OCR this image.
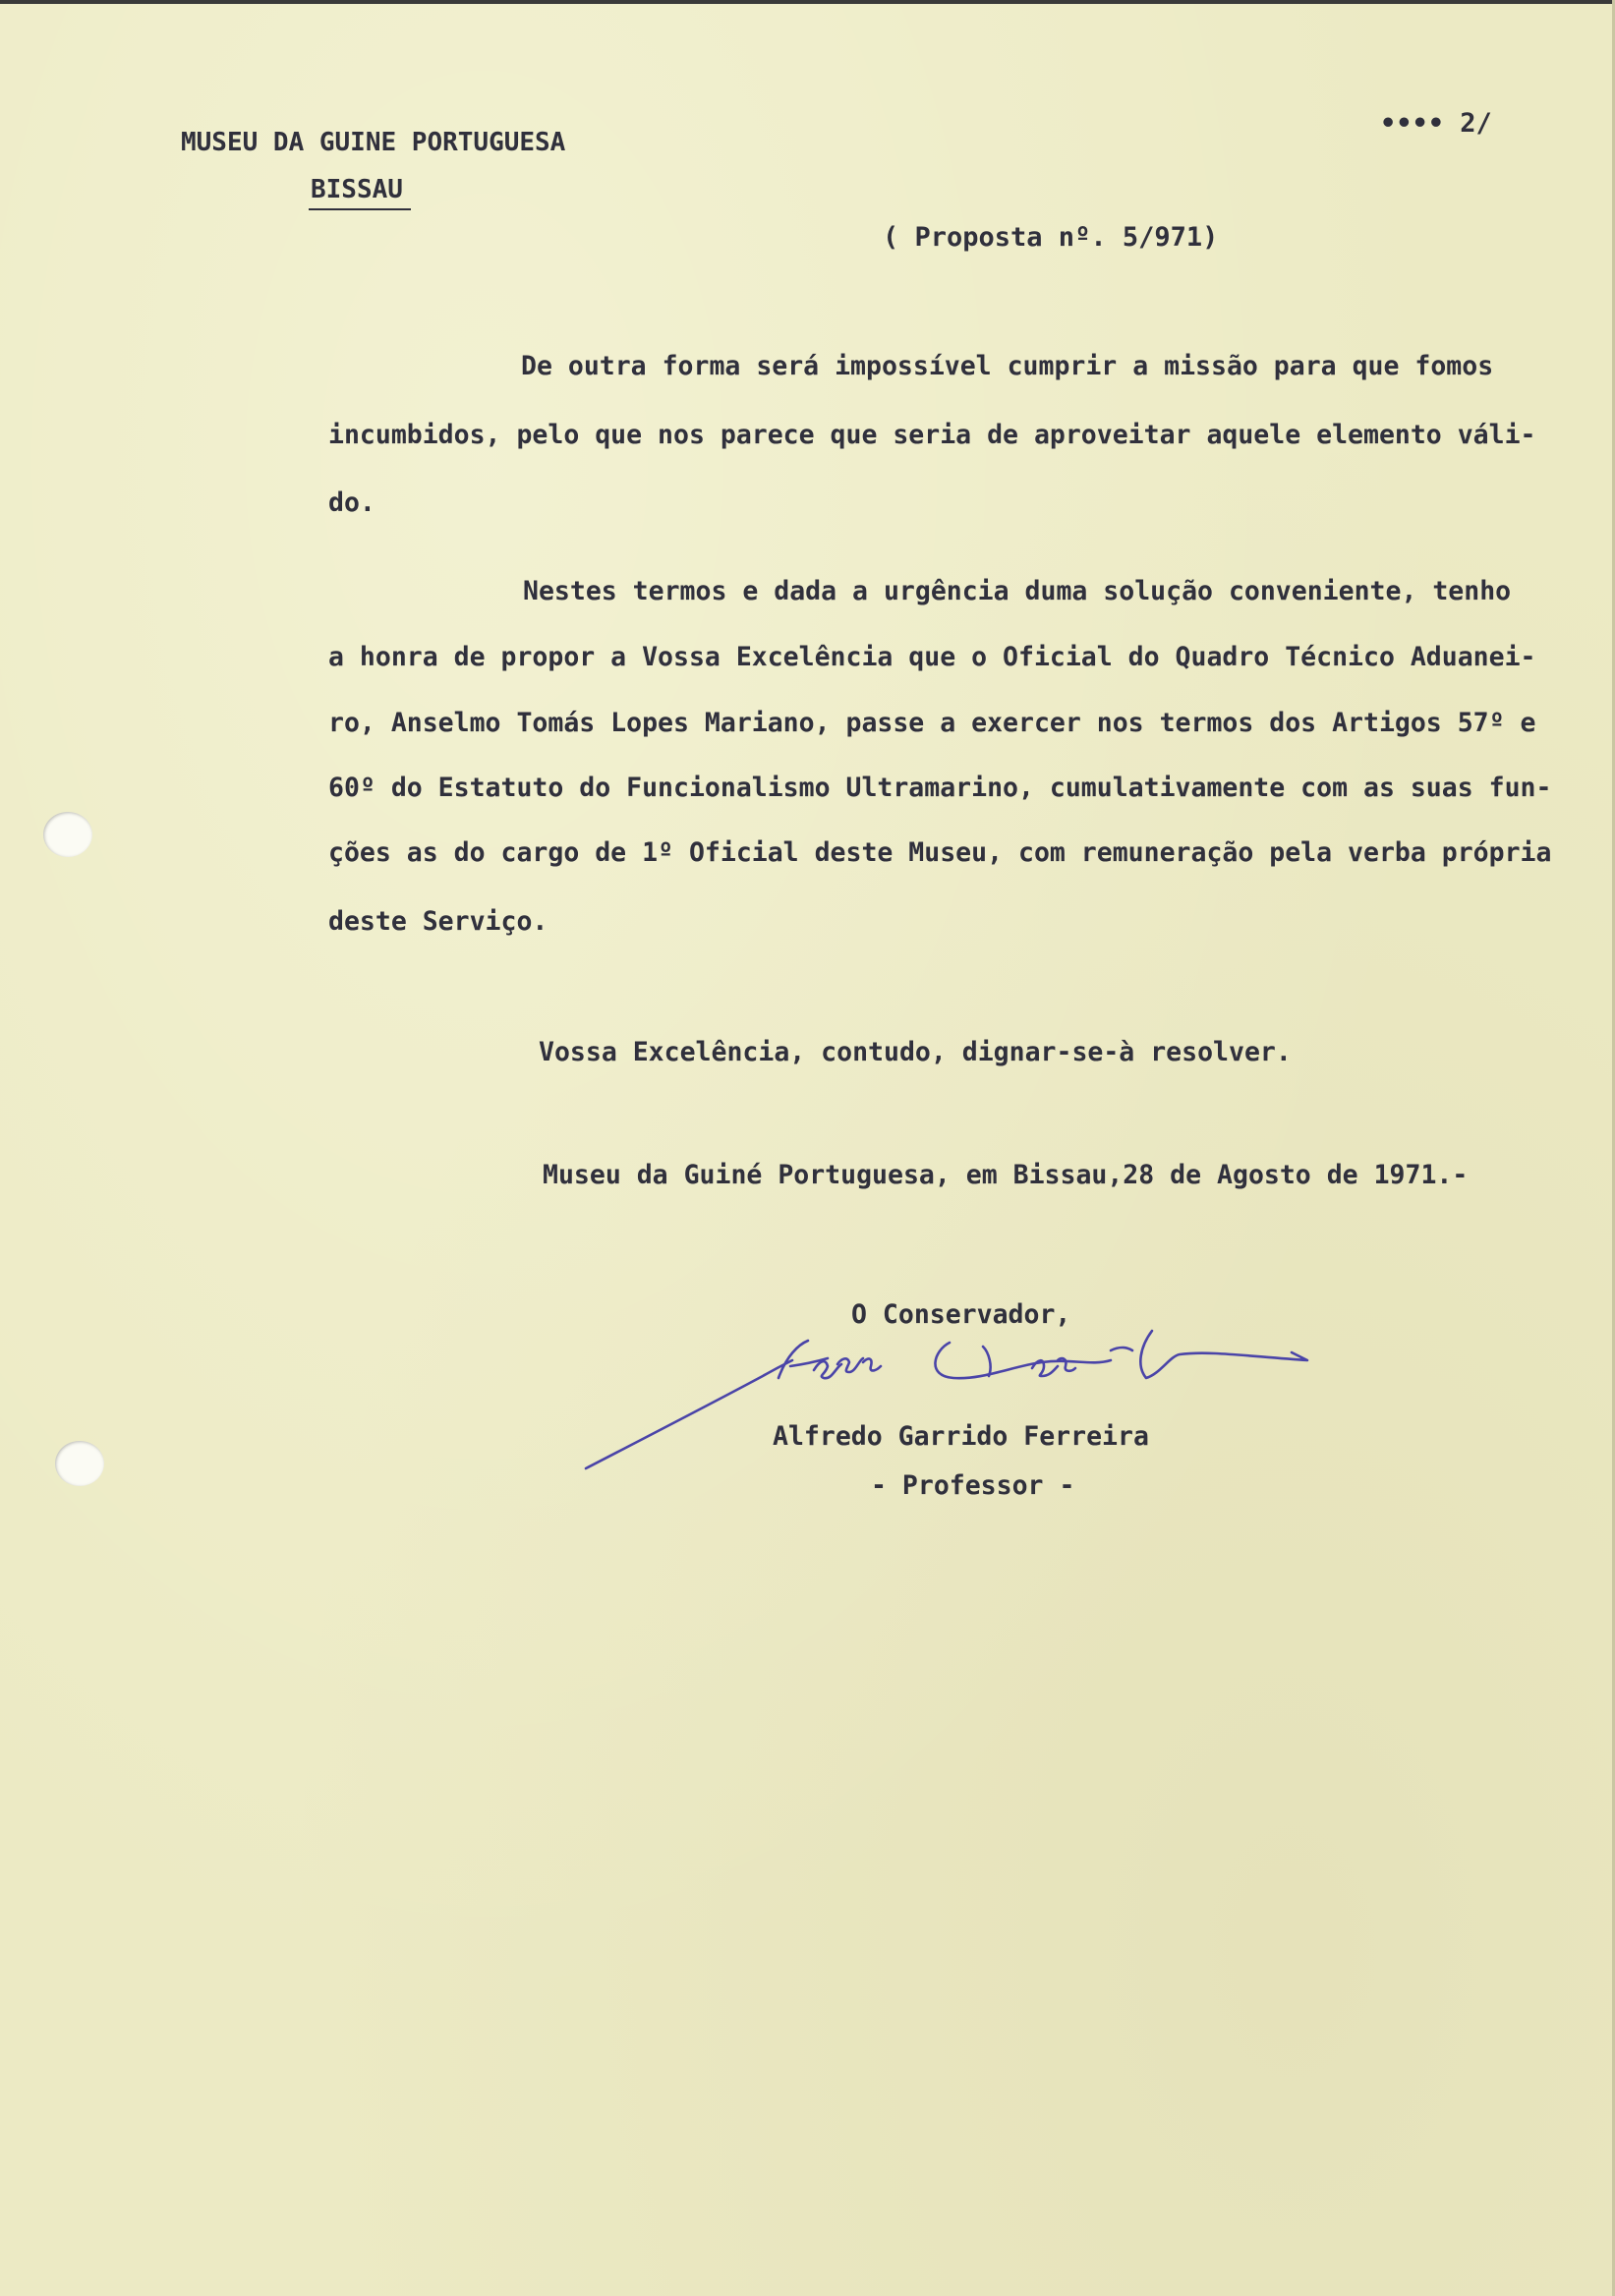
MUSEU DA GUINE PORTUGUESA
BISSAU
•••• 2/
( Proposta nº. 5/971)
De outra forma será impossível cumprir a missão para que fomos
incumbidos, pelo que nos parece que seria de aproveitar aquele elemento váli-
do.
Nestes termos e dada a urgência duma solução conveniente, tenho
a honra de propor a Vossa Excelência que o Oficial do Quadro Técnico Aduanei-
ro, Anselmo Tomás Lopes Mariano, passe a exercer nos termos dos Artigos 57º e
60º do Estatuto do Funcionalismo Ultramarino, cumulativamente com as suas fun-
ções as do cargo de 1º Oficial deste Museu, com remuneração pela verba própria
deste Serviço.
Vossa Excelência, contudo, dignar-se-à resolver.
Museu da Guiné Portuguesa, em Bissau,28 de Agosto de 1971.-
O Conservador,
Alfredo Garrido Ferreira
- Professor -
